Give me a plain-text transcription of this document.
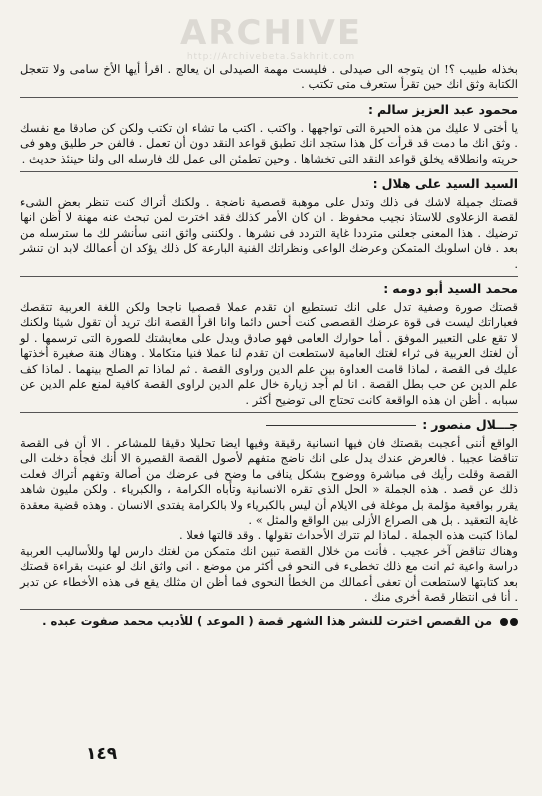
ARCHIVE
http://Archivebeta.Sakhrit.com

بخذله طبيب ؟! ان يتوجه الى صيدلى . فليست مهمة الصيدلى ان يعالج . اقرأ أيها الأخ سامى ولا تتعجل الكتابة وثق انك حين تقرأ ستعرف متى تكتب .

محمود عبد العزيز سالم:

يا أختى لا عليك من هذه الحيرة التى تواجهها . واكتب . اكتب ما تشاء ان تكتب ولكن كن صادقا مع نفسك . وثق انك ما دمت قد قرأت كل هذا ستجد انك تطبق قواعد النقد دون أن تعمل . فالفن حر طليق وهو فى حريته وانطلاقه يخلق قواعد النقد التى تخشاها . وحين تطمئن الى عمل لك فارسله الى ولنا حينئذ حديث .

السيد السيد على هلال:

قصتك جميلة لاشك فى ذلك وتدل على موهبة قصصية ناضجة . ولكنك أتراك كنت تنظر بعض الشىء لقصة الزعلاوى للاستاذ نجيب محفوظ . ان كان الأمر كذلك فقد اخترت لمن تبحث عنه مهنة لا أظن انها ترضيك . هذا المعنى جعلنى مترددا غاية التردد فى نشرها . ولكننى واثق اننى سأنشر لك ما سترسله من بعد . فان اسلوبك المتمكن وعرضك الواعى ونظراتك الفنية البارعة كل ذلك يؤكد ان أعمالك لابد ان تنشر .

محمد السيد أبو دومه:

قصتك صورة وصفية تدل على انك تستطيع ان تقدم عملا قصصيا ناجحا ولكن اللغة العربية تتقصك فعباراتك ليست فى قوة عرضك القصصى كنت أحس دائما وانا اقرأ القصة انك تريد أن تقول شيئا ولكنك لا تقع على التعبير الموفق . أما حوارك العامى فهو صادق ويدل على معايشتك للصورة التى ترسمها . لو أن لغتك العربية فى ثراء لغتك العامية لاستطعت ان تقدم لنا عملا فنيا متكاملا . وهناك هنة صغيرة أخذتها عليك فى القصة ، لماذا قامت العداوة بين علم الدين وراوى القصة . ثم لماذا تم الصلح بينهما . لماذا كف علم الدين عن حب بطل القصة . انا لم أجد زيارة خال علم الدين لراوى القصة كافية لمنع علم الدين عن سبابه . أظن ان هذه الواقعة كانت تحتاج الى توضيح أكثر .

جـــلال منصور:

الواقع أننى أعجبت بقصتك فان فيها انسانية رقيقة وفيها ايضا تحليلا دقيقا للمشاعر . الا أن فى القصة تناقضا عجيبا . فالعرض عندك يدل على انك ناضج متفهم لأصول القصة القصيرة الا أنك فجأة دخلت الى القصة وقلت رأيك فى مباشرة ووضوح بشكل ينافى ما وضح فى عرضك من أصالة وتفهم أتراك فعلت ذلك عن قصد . هذه الجملة « الحل الذى تقره الانسانية وتأباه الكرامة ، والكبرياء . ولكن مليون شاهد يقرر بواقعية مؤلمة بل موغلة فى الايلام أن ليس بالكبرياء ولا بالكرامة يفتدى الانسان . وهذه قضية معقدة غاية التعقيد . بل هى الصراع الأزلى بين الواقع والمثل » .

لماذا كتبت هذه الجملة . لماذا لم تترك الأحداث تقولها . وقد قالتها فعلا .

وهناك تناقض آخر عجيب . فأنت من خلال القصة تبين انك متمكن من لغتك دارس لها وللأساليب العربية دراسة واعية ثم انت مع ذلك تخطىء فى النحو فى أكثر من موضع . انى واثق انك لو عنيت بقراءة قصتك بعد كتابتها لاستطعت أن تعفى أعمالك من الخطأ النحوى فما أظن ان مثلك يقع فى هذه الأخطاء عن تدبر . أنا فى انتظار قصة أخرى منك .

من القصص اخترت للنشر هذا الشهر قصة ( الموعد ) للأديب محمد صفوت عبده .

١٤٩
